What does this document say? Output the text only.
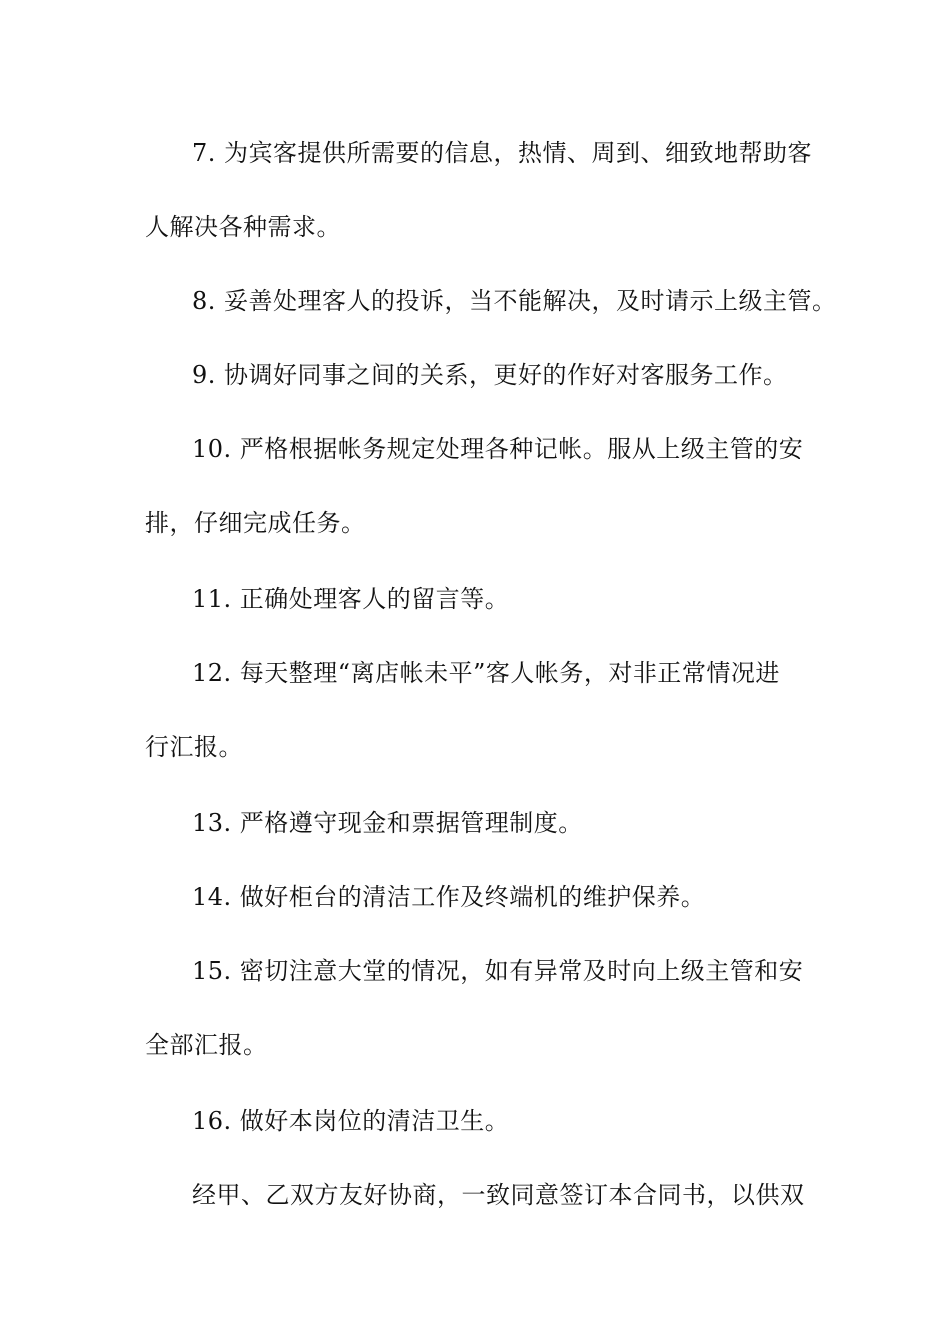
7. 为宾客提供所需要的信息，热情、周到、细致地帮助客
人解决各种需求。
8. 妥善处理客人的投诉，当不能解决，及时请示上级主管。
9. 协调好同事之间的关系，更好的作好对客服务工作。
10. 严格根据帐务规定处理各种记帐。服从上级主管的安
排，仔细完成任务。
11. 正确处理客人的留言等。
12. 每天整理“离店帐未平”客人帐务，对非正常情况进
行汇报。
13. 严格遵守现金和票据管理制度。
14. 做好柜台的清洁工作及终端机的维护保养。
15. 密切注意大堂的情况，如有异常及时向上级主管和安
全部汇报。
16. 做好本岗位的清洁卫生。
经甲、乙双方友好协商，一致同意签订本合同书，以供双
